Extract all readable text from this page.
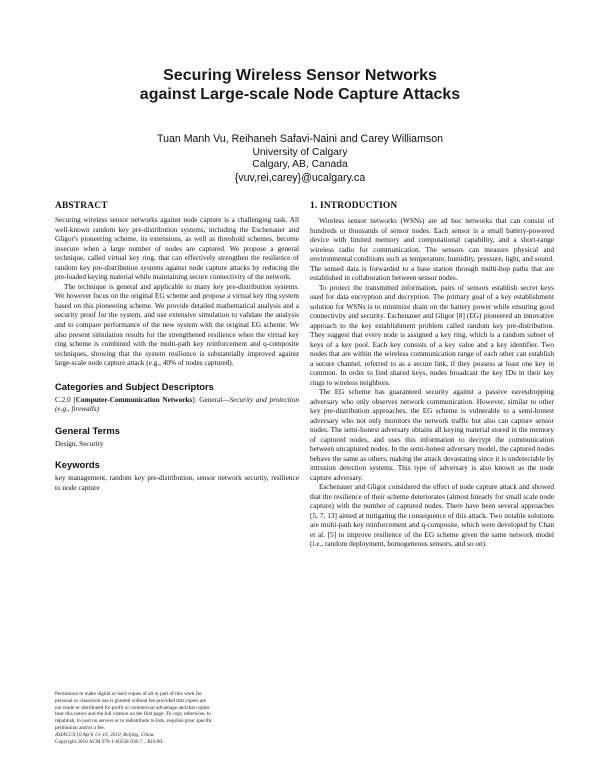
Securing Wireless Sensor Networks
against Large-scale Node Capture Attacks
Tuan Manh Vu, Reihaneh Safavi-Naini and Carey Williamson
University of Calgary
Calgary, AB, Canada
{vuv,rei,carey}@ucalgary.ca
ABSTRACT

Securing wireless sensor networks against node capture is a challenging task. All well-known random key pre-distribution systems, including the Eschenauer and Gligor's pioneering scheme, its extensions, as well as threshold schemes, become insecure when a large number of nodes are captured. We propose a general technique, called virtual key ring, that can effectively strengthen the resilience of random key pre-distribution systems against node capture attacks by reducing the pre-loaded keying material while maintaining secure connectivity of the network.

The technique is general and applicable to many key pre-distribution systems. We however focus on the original EG scheme and propose a virtual key ring system based on this pioneering scheme. We provide detailed mathematical analysis and a security proof for the system, and use extensive simulation to validate the analysis and to compare performance of the new system with the original EG scheme. We also present simulation results for the strengthened resilience when the virtual key ring scheme is combined with the multi-path key reinforcement and q-composite techniques, showing that the system resilience is substantially improved against large-scale node capture attack (e.g., 40% of nodes captured).

Categories and Subject Descriptors

C.2.0 [Computer-Communication Networks]: General—Security and protection (e.g., firewalls)

General Terms

Design, Security

Keywords

key management, random key pre-distribution, sensor network security, resilience to node capture

Permission to make digital or hard copies of all or part of this work for
personal or classroom use is granted without fee provided that copies are
not made or distributed for profit or commercial advantage and that copies
bear this notice and the full citation on the first page. To copy otherwise, to
republish, to post on servers or to redistribute to lists, requires prior specific
permission and/or a fee.
ASIACCS'10 April 13–16, 2010, Beijing, China.
Copyright 2010 ACM 978-1-60558-936-7 ...$10.00.
1. INTRODUCTION

Wireless sensor networks (WSNs) are ad hoc networks that can consist of hundreds or thousands of sensor nodes. Each sensor is a small battery-powered device with limited memory and computational capability, and a short-range wireless radio for communication. The sensors can measure physical and environmental conditions such as temperature, humidity, pressure, light, and sound. The sensed data is forwarded to a base station through multi-hop paths that are established in collaboration between sensor nodes.

To protect the transmitted information, pairs of sensors establish secret keys used for data encryption and decryption. The primary goal of a key establishment solution for WSNs is to minimize drain on the battery power while ensuring good connectivity and security. Eschenauer and Gligor [8] (EG) pioneered an innovative approach to the key establishment problem called random key pre-distribution. They suggest that every node is assigned a key ring, which is a random subset of keys of a key pool. Each key consists of a key value and a key identifier. Two nodes that are within the wireless communication range of each other can establish a secure channel, referred to as a secure link, if they possess at least one key in common. In order to find shared keys, nodes broadcast the key IDs in their key rings to wireless neighbors.

The EG scheme has guaranteed security against a passive eavesdropping adversary who only observes network communication. However, similar to other key pre-distribution approaches, the EG scheme is vulnerable to a semi-honest adversary who not only monitors the network traffic but also can capture sensor nodes. The semi-honest adversary obtains all keying material stored in the memory of captured nodes, and uses this information to decrypt the communication between uncaptured nodes. In the semi-honest adversary model, the captured nodes behave the same as others, making the attack devastating since it is undetectable by intrusion detection systems. This type of adversary is also known as the node capture adversary.

Eschenauer and Gligor considered the effect of node capture attack and showed that the resilience of their scheme deteriorates (almost linearly for small scale node capture) with the number of captured nodes. There have been several approaches [5, 7, 13] aimed at mitigating the consequence of this attack. Two notable solutions are multi-path key reinforcement and q-composite, which were developed by Chan et al. [5] to improve resilience of the EG scheme given the same network model (i.e., random deployment, homogeneous sensors, and so on).
